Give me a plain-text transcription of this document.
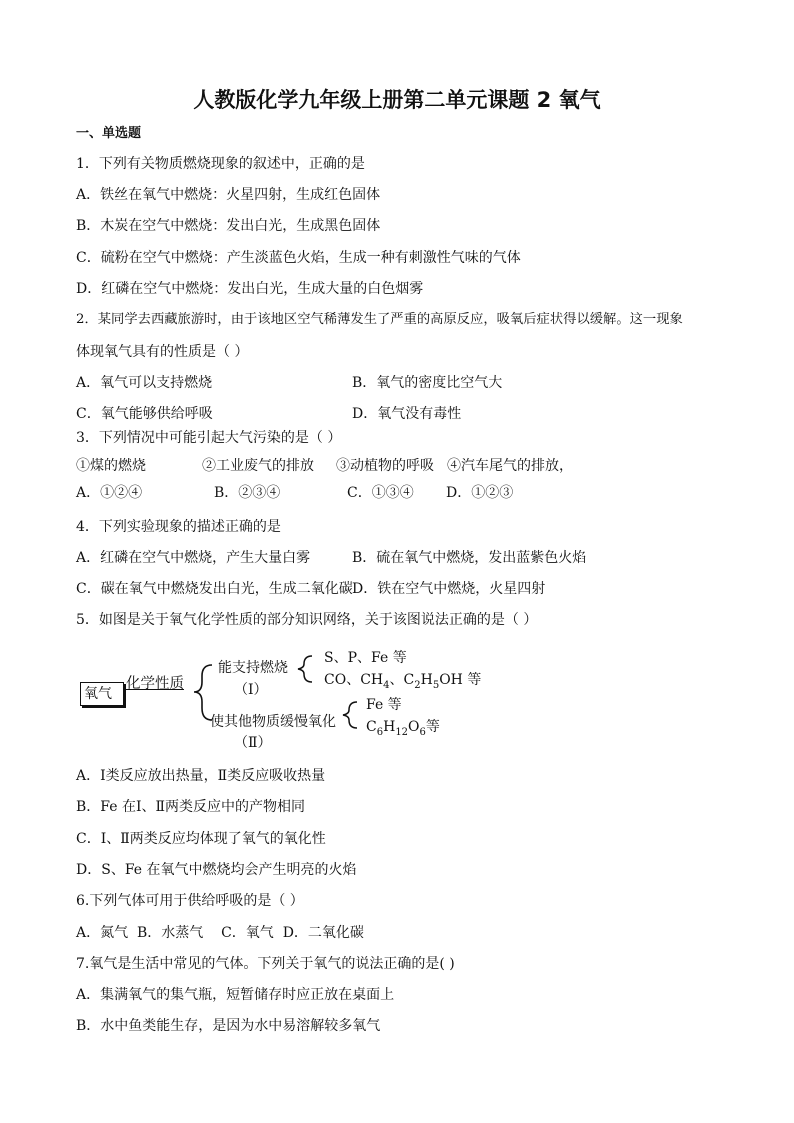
人教版化学九年级上册第二单元课题 2 氧气
一、单选题
1．下列有关物质燃烧现象的叙述中，正确的是
A．铁丝在氧气中燃烧：火星四射，生成红色固体
B．木炭在空气中燃烧：发出白光，生成黑色固体
C．硫粉在空气中燃烧：产生淡蓝色火焰，生成一种有刺激性气味的气体
D．红磷在空气中燃烧：发出白光，生成大量的白色烟雾
2．某同学去西藏旅游时，由于该地区空气稀薄发生了严重的高原反应，吸氧后症状得以缓解。这一现象
体现氧气具有的性质是（ ）
A．氧气可以支持燃烧	B．氧气的密度比空气大
C．氧气能够供给呼吸	D．氧气没有毒性
3．下列情况中可能引起大气污染的是（ ）
①煤的燃烧	②工业废气的排放 ③动植物的呼吸 ④汽车尾气的排放，
A．①②④	B．②③④	C．①③④ D．①②③
4．下列实验现象的描述正确的是
A．红磷在空气中燃烧，产生大量白雾	B．硫在氧气中燃烧，发出蓝紫色火焰
C．碳在氧气中燃烧发出白光，生成二氧化碳 D．铁在空气中燃烧，火星四射
5．如图是关于氧气化学性质的部分知识网络，关于该图说法正确的是（ ）
氧气
化学性质
能支持燃烧
（Ⅰ）
S、P、Fe 等
CO、$CH_4$、$C_2H_5OH$ 等
使其他物质缓慢氧化
（Ⅱ）
Fe 等
$C_6H_{12}O_6$等
A．Ⅰ类反应放出热量，Ⅱ类反应吸收热量
B．Fe 在Ⅰ、Ⅱ两类反应中的产物相同
C．Ⅰ、Ⅱ两类反应均体现了氧气的氧化性
D．S、Fe 在氧气中燃烧均会产生明亮的火焰
6.下列气体可用于供给呼吸的是（ ）
A．氮气  B．水蒸气    C．氧气  D．二氧化碳
7.氧气是生活中常见的气体。下列关于氧气的说法正确的是( )
A．集满氧气的集气瓶，短暂储存时应正放在桌面上
B．水中鱼类能生存，是因为水中易溶解较多氧气
